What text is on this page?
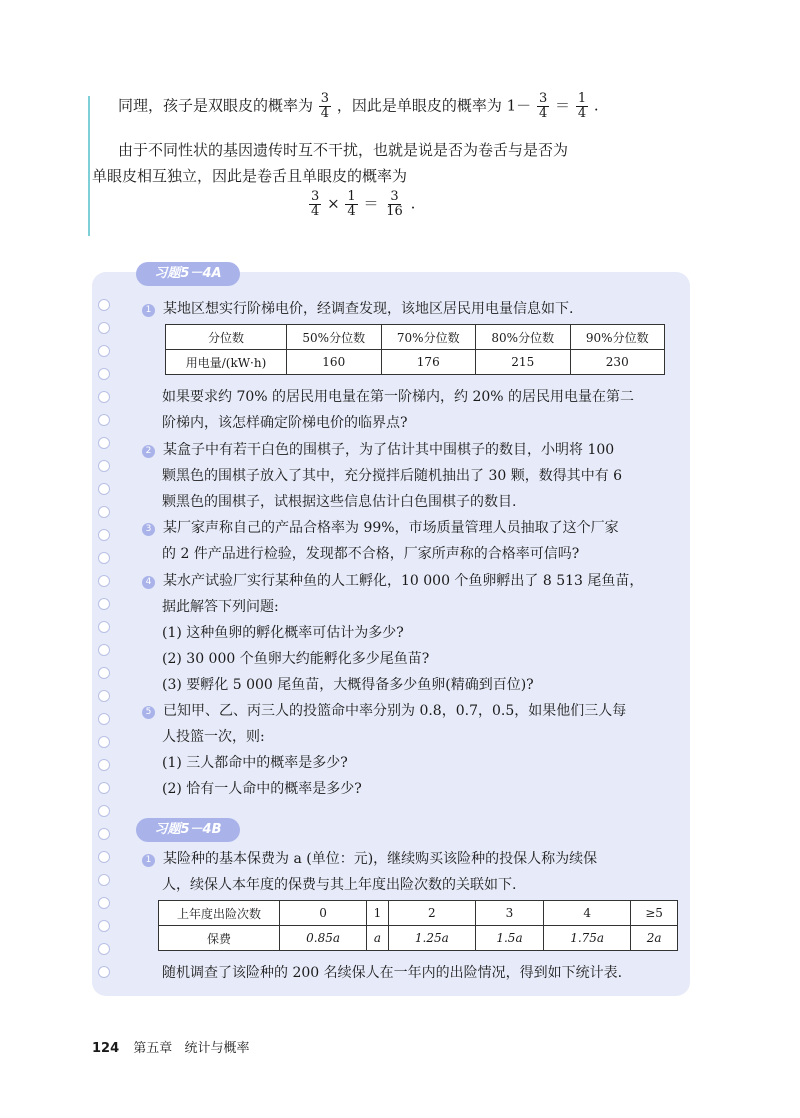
同理，孩子是双眼皮的概率为 $\frac{3}{4}$ ，因此是单眼皮的概率为 $1- \frac{3}{4} = \frac{1}{4}$ .
由于不同性状的基因遗传时互不干扰，也就是说是否为卷舌与是否为
单眼皮相互独立，因此是卷舌且单眼皮的概率为
$\frac{3}{4} \times \frac{1}{4} = \frac{3}{16}$ .
习题5－4A
1 某地区想实行阶梯电价，经调查发现，该地区居民用电量信息如下.
分位数	50%分位数	70%分位数	80%分位数	90%分位数
用电量/(kW·h)	160	176	215	230
如果要求约 70% 的居民用电量在第一阶梯内，约 20% 的居民用电量在第二
阶梯内，该怎样确定阶梯电价的临界点?
2 某盒子中有若干白色的围棋子，为了估计其中围棋子的数目，小明将 100
颗黑色的围棋子放入了其中，充分搅拌后随机抽出了 30 颗，数得其中有 6
颗黑色的围棋子，试根据这些信息估计白色围棋子的数目.
3 某厂家声称自己的产品合格率为 99%，市场质量管理人员抽取了这个厂家
的 2 件产品进行检验，发现都不合格，厂家所声称的合格率可信吗?
4 某水产试验厂实行某种鱼的人工孵化，10 000 个鱼卵孵出了 8 513 尾鱼苗，
据此解答下列问题:
(1) 这种鱼卵的孵化概率可估计为多少?
(2) 30 000 个鱼卵大约能孵化多少尾鱼苗?
(3) 要孵化 5 000 尾鱼苗，大概得备多少鱼卵(精确到百位)?
5 已知甲、乙、丙三人的投篮命中率分别为 0.8，0.7，0.5，如果他们三人每
人投篮一次，则:
(1) 三人都命中的概率是多少?
(2) 恰有一人命中的概率是多少?
习题5－4B
1 某险种的基本保费为 a (单位：元)，继续购买该险种的投保人称为续保
人，续保人本年度的保费与其上年度出险次数的关联如下.
上年度出险次数	0	1	2	3	4	≥5
保费	0.85a	a	1.25a	1.5a	1.75a	2a
随机调查了该险种的 200 名续保人在一年内的出险情况，得到如下统计表.
124 第五章 统计与概率
